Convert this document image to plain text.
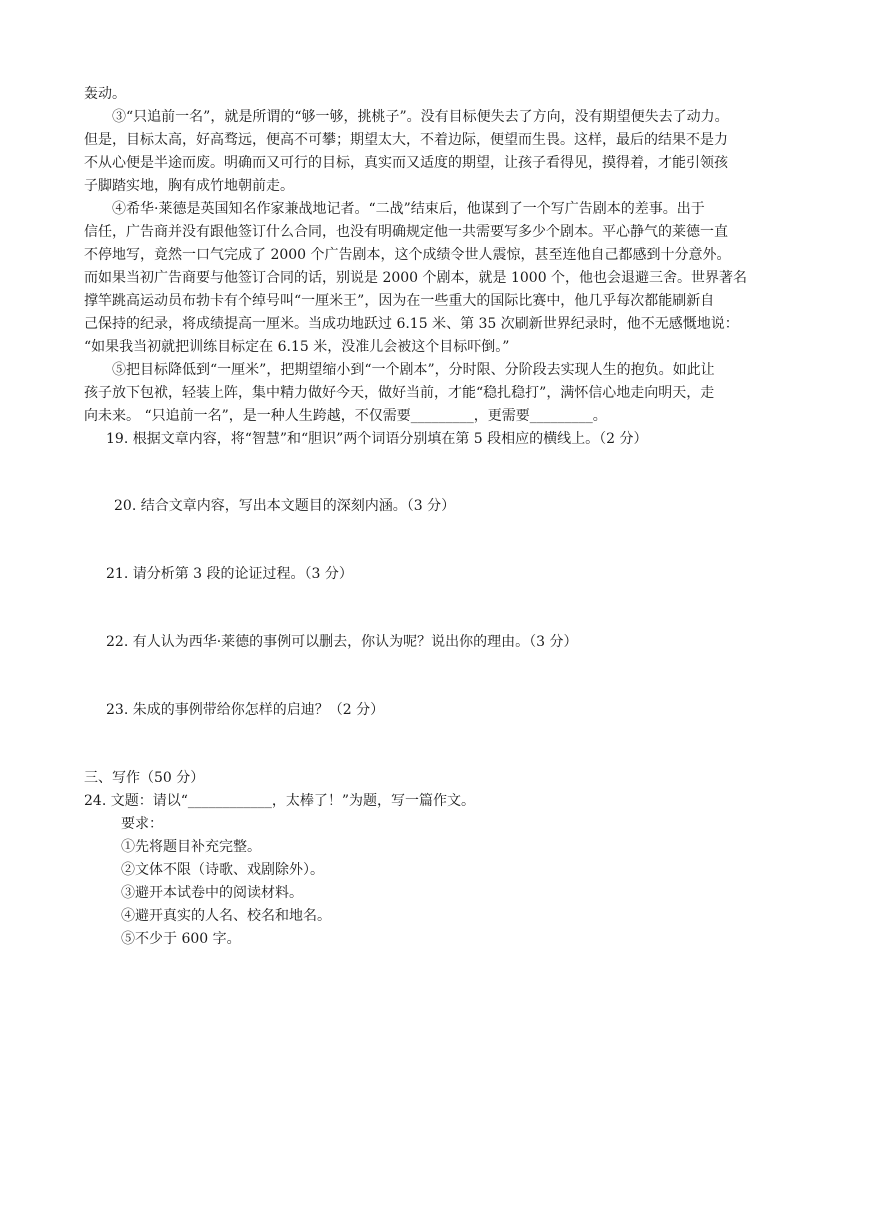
轰动。
③“只追前一名”，就是所谓的“够一够，挑桃子”。没有目标便失去了方向，没有期望便失去了动力。
但是，目标太高，好高骛远，便高不可攀；期望太大，不着边际，便望而生畏。这样，最后的结果不是力
不从心便是半途而废。明确而又可行的目标，真实而又适度的期望，让孩子看得见，摸得着，才能引领孩
子脚踏实地，胸有成竹地朝前走。
④希华·莱德是英国知名作家兼战地记者。“二战”结束后，他谋到了一个写广告剧本的差事。出于
信任，广告商并没有跟他签订什么合同，也没有明确规定他一共需要写多少个剧本。平心静气的莱德一直
不停地写，竟然一口气完成了 2000 个广告剧本，这个成绩令世人震惊，甚至连他自己都感到十分意外。
而如果当初广告商要与他签订合同的话，别说是 2000 个剧本，就是 1000 个，他也会退避三舍。世界著名
撑竿跳高运动员布勃卡有个绰号叫“一厘米王”，因为在一些重大的国际比赛中，他几乎每次都能刷新自
己保持的纪录，将成绩提高一厘米。当成功地跃过 6.15 米、第 35 次刷新世界纪录时，他不无感慨地说：
“如果我当初就把训练目标定在 6.15 米，没准儿会被这个目标吓倒。”
⑤把目标降低到“一厘米”，把期望缩小到“一个剧本”，分时限、分阶段去实现人生的抱负。如此让
孩子放下包袱，轻装上阵，集中精力做好今天，做好当前，才能“稳扎稳打”，满怀信心地走向明天，走
向未来。 “只追前一名”，是一种人生跨越，不仅需要_________，更需要_________。
19. 根据文章内容，将“智慧”和“胆识”两个词语分别填在第 5 段相应的横线上。（2 分）
20. 结合文章内容，写出本文题目的深刻内涵。（3 分）
21. 请分析第 3 段的论证过程。（3 分）
22. 有人认为西华·莱德的事例可以删去，你认为呢？说出你的理由。（3 分）
23. 朱成的事例带给你怎样的启迪？（2 分）
三、写作（50 分）
24. 文题：请以“____________，太棒了！”为题，写一篇作文。
要求：
①先将题目补充完整。
②文体不限（诗歌、戏剧除外）。
③避开本试卷中的阅读材料。
④避开真实的人名、校名和地名。
⑤不少于 600 字。
